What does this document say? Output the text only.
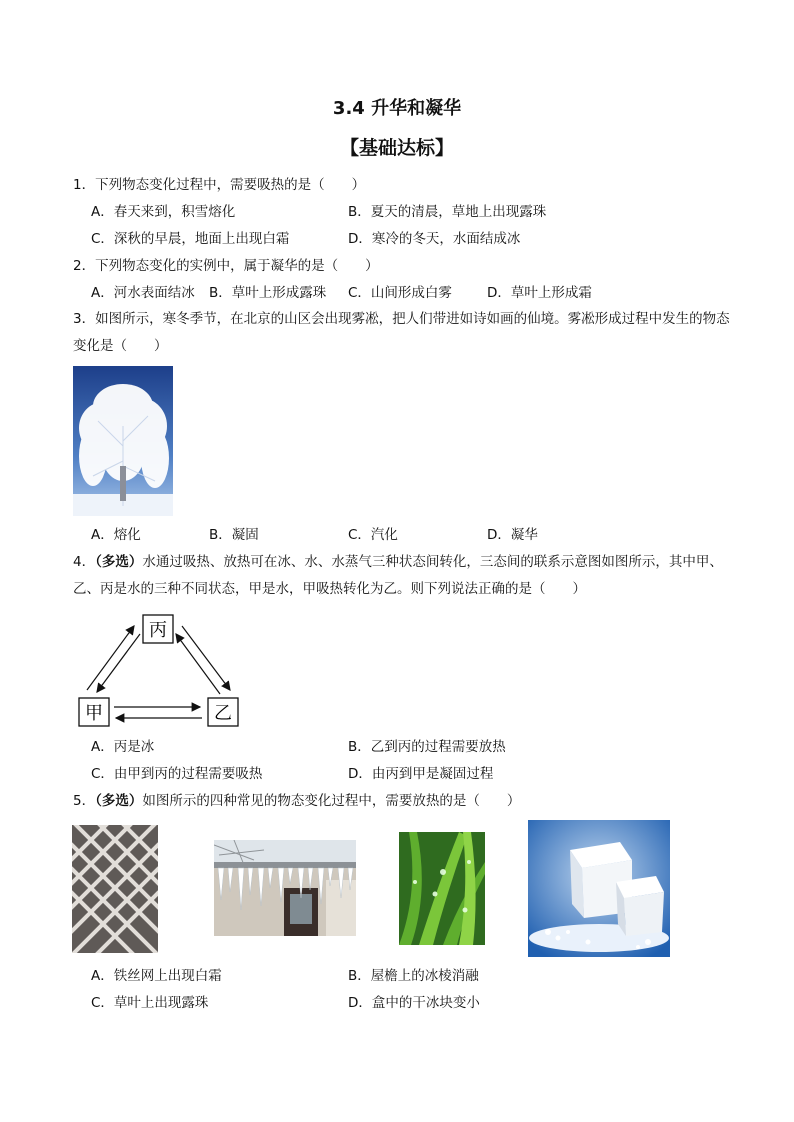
3.4 升华和凝华
【基础达标】
1．下列物态变化过程中，需要吸热的是（　　）
A．春天来到，积雪熔化	B．夏天的清晨，草地上出现露珠
C．深秋的早晨，地面上出现白霜	D．寒冷的冬天，水面结成冰
2．下列物态变化的实例中，属于凝华的是（　　）
A．河水表面结冰 B．草叶上形成露珠 C．山间形成白雾	D．草叶上形成霜
3．如图所示，寒冬季节，在北京的山区会出现雾凇，把人们带进如诗如画的仙境。雾凇形成过程中发生的物态变化是（　　）
A．熔化	B．凝固	C．汽化	D．凝华
4．（多选）水通过吸热、放热可在冰、水、水蒸气三种状态间转化，三态间的联系示意图如图所示，其中甲、乙、丙是水的三种不同状态，甲是水，甲吸热转化为乙。则下列说法正确的是（　　）
丙
甲	乙
A．丙是冰	B．乙到丙的过程需要放热
C．由甲到丙的过程需要吸热	D．由丙到甲是凝固过程
5．（多选）如图所示的四种常见的物态变化过程中，需要放热的是（　　）
A．铁丝网上出现白霜	B．屋檐上的冰棱消融
C．草叶上出现露珠	D．盒中的干冰块变小
